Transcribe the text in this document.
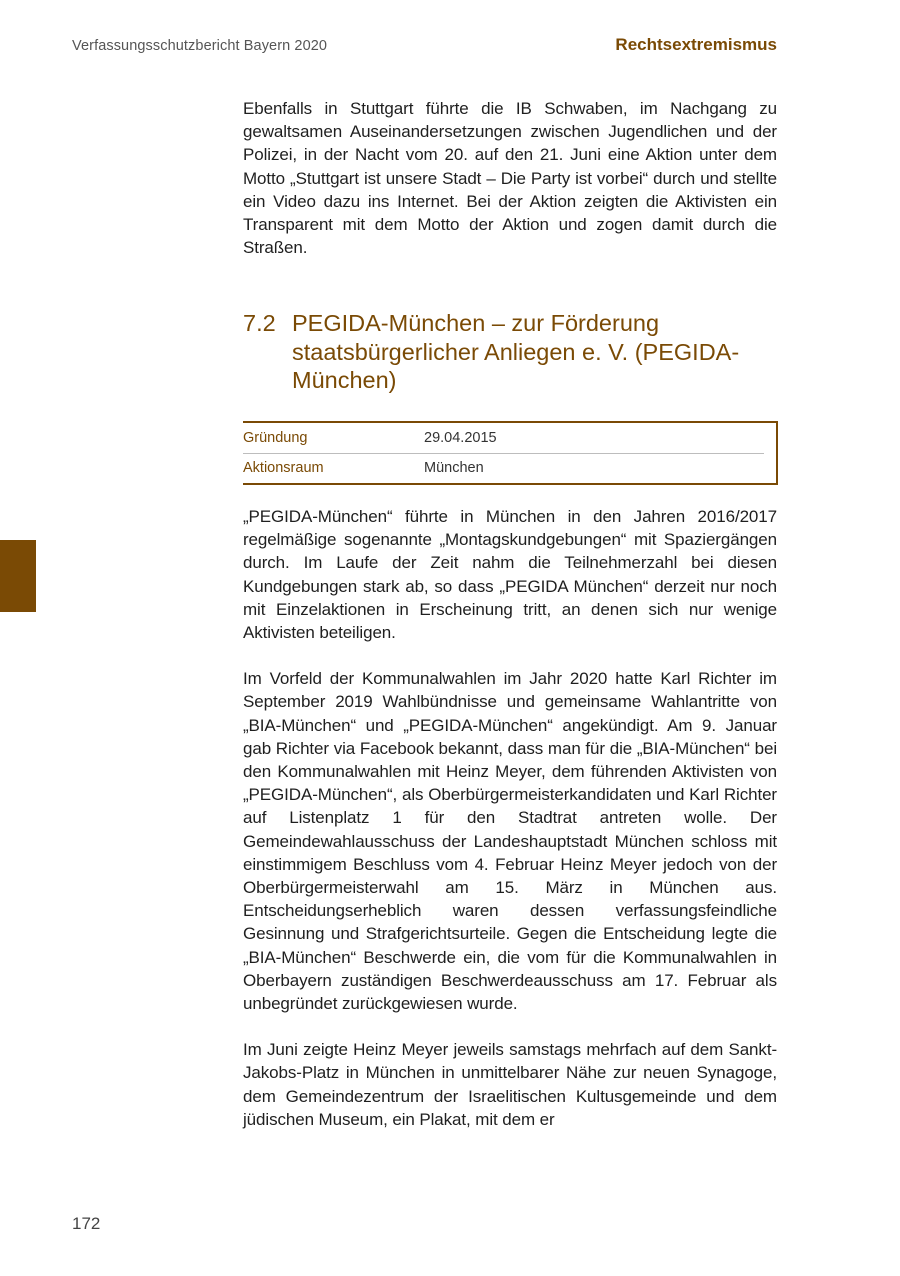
Verfassungsschutzbericht Bayern 2020	Rechtsextremismus

Ebenfalls in Stuttgart führte die IB Schwaben, im Nachgang zu gewaltsamen Auseinandersetzungen zwischen Jugendlichen und der Polizei, in der Nacht vom 20. auf den 21. Juni eine Aktion unter dem Motto „Stuttgart ist unsere Stadt – Die Party ist vorbei“ durch und stellte ein Video dazu ins Internet. Bei der Aktion zeigten die Aktivisten ein Transparent mit dem Motto der Aktion und zogen damit durch die Straßen.

7.2 PEGIDA-München – zur Förderung staatsbürgerlicher Anliegen e. V. (PEGIDA-München)
Gründung	29.04.2015
Aktionsraum	München

„PEGIDA-München“ führte in München in den Jahren 2016/2017 regelmäßige sogenannte „Montagskundgebungen“ mit Spaziergängen durch. Im Laufe der Zeit nahm die Teilnehmerzahl bei diesen Kundgebungen stark ab, so dass „PEGIDA München“ derzeit nur noch mit Einzelaktionen in Erscheinung tritt, an denen sich nur wenige Aktivisten beteiligen.

Im Vorfeld der Kommunalwahlen im Jahr 2020 hatte Karl Richter im September 2019 Wahlbündnisse und gemeinsame Wahlantritte von „BIA-München“ und „PEGIDA-München“ angekündigt. Am 9. Januar gab Richter via Facebook bekannt, dass man für die „BIA-München“ bei den Kommunalwahlen mit Heinz Meyer, dem führenden Aktivisten von „PEGIDA-München“, als Oberbürgermeisterkandidaten und Karl Richter auf Listenplatz 1 für den Stadtrat antreten wolle. Der Gemeindewahlausschuss der Landeshauptstadt München schloss mit einstimmigem Beschluss vom 4. Februar Heinz Meyer jedoch von der Oberbürgermeisterwahl am 15. März in München aus. Entscheidungserheblich waren dessen verfassungsfeindliche Gesinnung und Strafgerichtsurteile. Gegen die Entscheidung legte die „BIA-München“ Beschwerde ein, die vom für die Kommunalwahlen in Oberbayern zuständigen Beschwerdeausschuss am 17. Februar als unbegründet zurückgewiesen wurde.

Im Juni zeigte Heinz Meyer jeweils samstags mehrfach auf dem Sankt-Jakobs-Platz in München in unmittelbarer Nähe zur neuen Synagoge, dem Gemeindezentrum der Israelitischen Kultusgemeinde und dem jüdischen Museum, ein Plakat, mit dem er

172
